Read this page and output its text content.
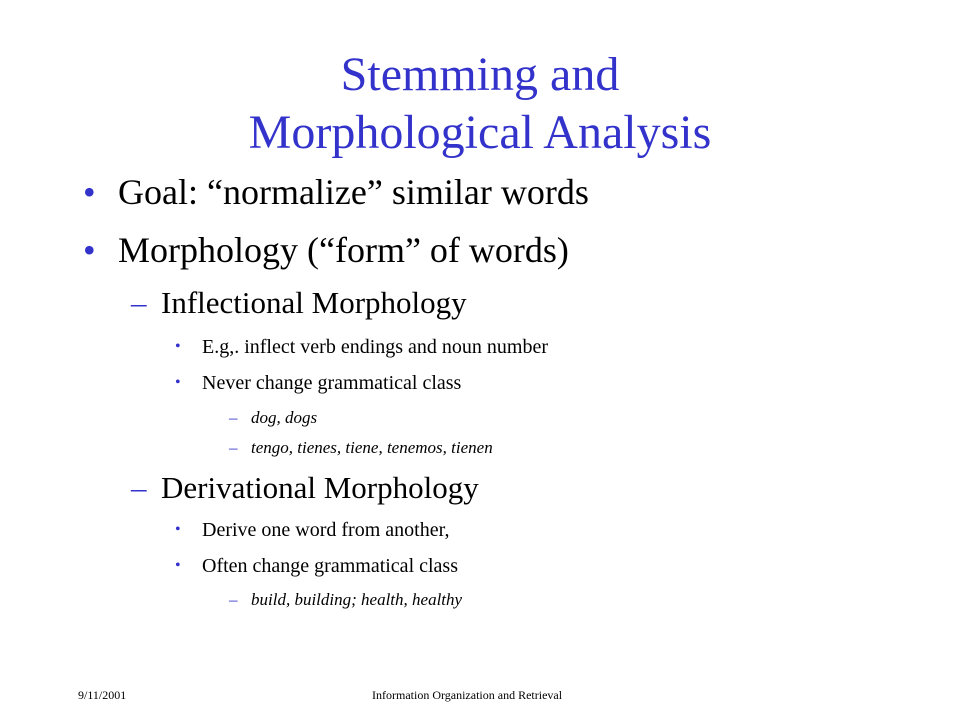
Stemming and
Morphological Analysis
• Goal: “normalize” similar words
• Morphology (“form” of words)
– Inflectional Morphology
• E.g,. inflect verb endings and noun number
• Never change grammatical class
– dog, dogs
– tengo, tienes, tiene, tenemos, tienen
– Derivational Morphology
• Derive one word from another,
• Often change grammatical class
– build, building; health, healthy
9/11/2001	Information Organization and Retrieval
